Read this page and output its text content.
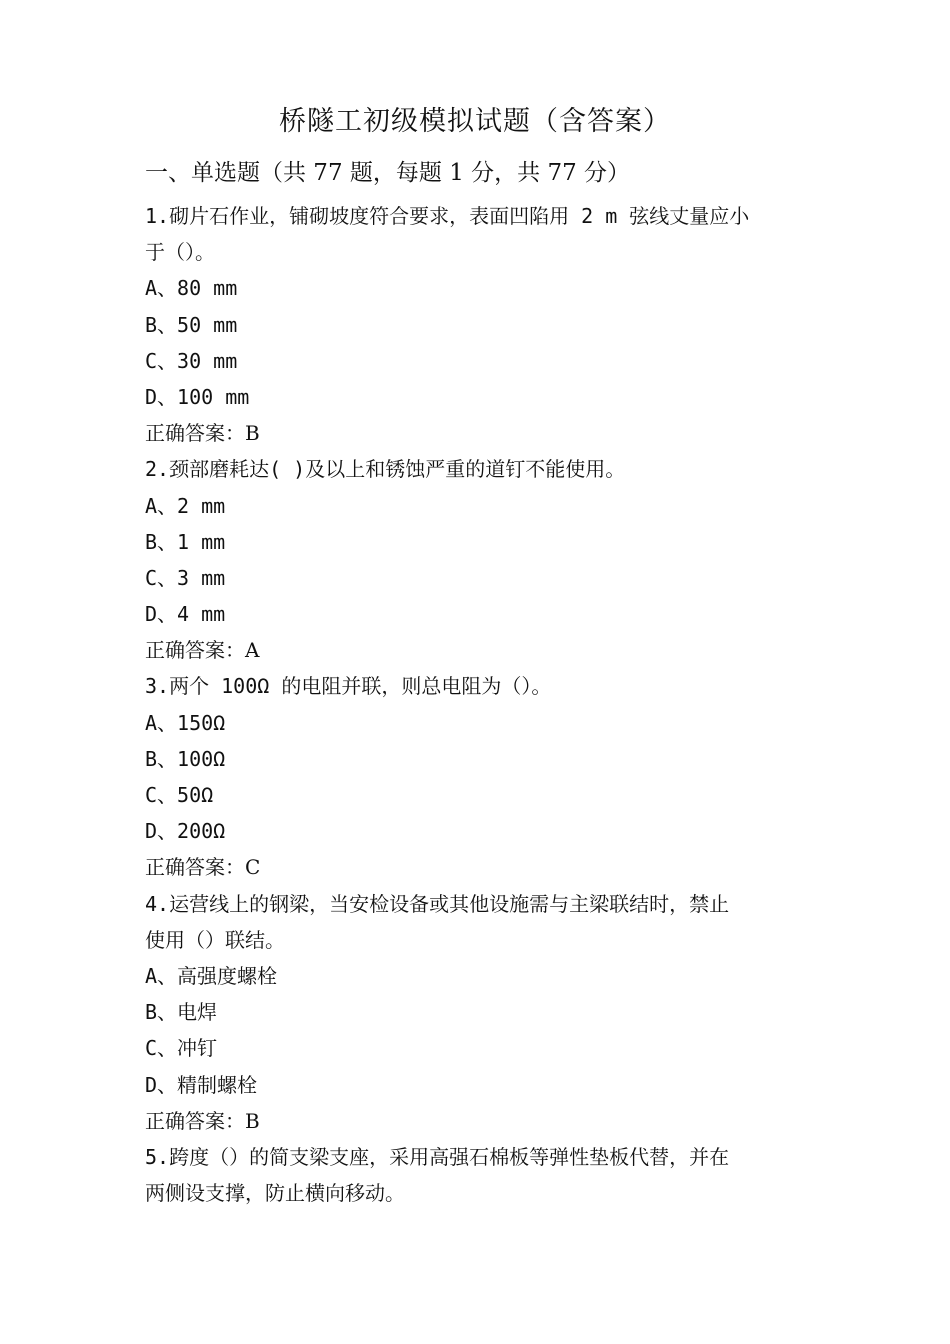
桥隧工初级模拟试题（含答案）
一、单选题（共 77 题，每题 1 分，共 77 分）
1.砌片石作业，铺砌坡度符合要求，表面凹陷用 2 m 弦线丈量应小
于（）。
A、80 mm
B、50 mm
C、30 mm
D、100 mm
正确答案：B
2.颈部磨耗达( )及以上和锈蚀严重的道钉不能使用。
A、2 mm
B、1 mm
C、3 mm
D、4 mm
正确答案：A
3.两个 100Ω 的电阻并联，则总电阻为（）。
A、150Ω
B、100Ω
C、50Ω
D、200Ω
正确答案：C
4.运营线上的钢梁，当安检设备或其他设施需与主梁联结时，禁止
使用（）联结。
A、高强度螺栓
B、电焊
C、冲钉
D、精制螺栓
正确答案：B
5.跨度（）的简支梁支座，采用高强石棉板等弹性垫板代替，并在
两侧设支撑，防止横向移动。
